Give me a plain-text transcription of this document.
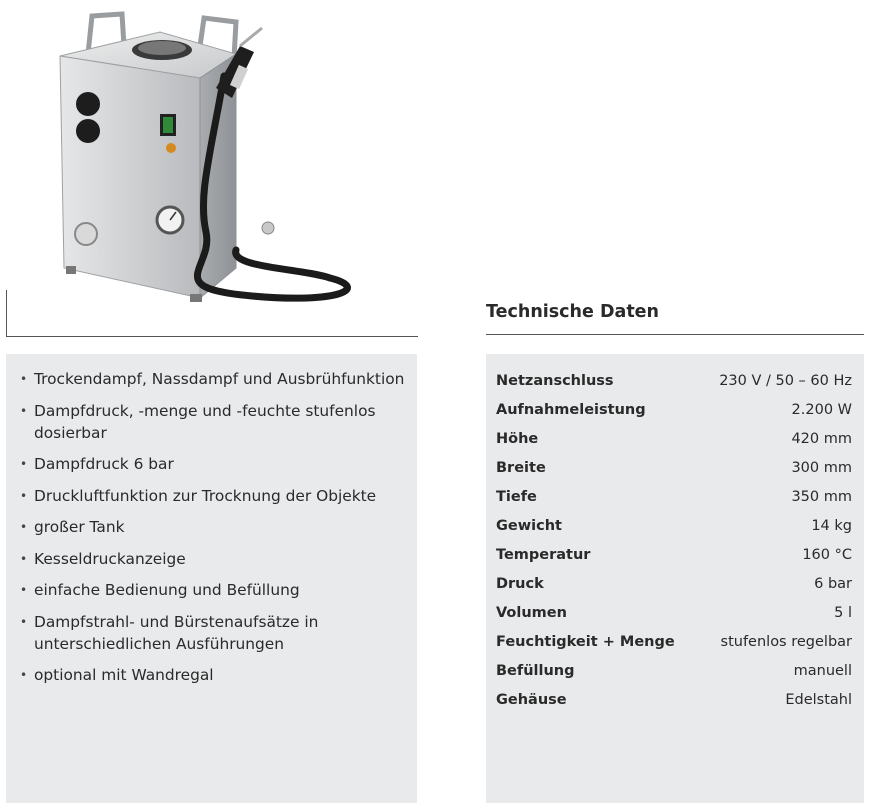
• Trockendampf, Nassdampf und Ausbrühfunktion
• Dampfdruck, -menge und -feuchte stufenlos dosierbar
• Dampfdruck 6 bar
• Druckluftfunktion zur Trocknung der Objekte
• großer Tank
• Kesseldruckanzeige
• einfache Bedienung und Befüllung
• Dampfstrahl- und Bürstenaufsätze in unterschiedlichen Ausführungen
• optional mit Wandregal
Technische Daten
Netzanschluss	230 V / 50 – 60 Hz
Aufnahmeleistung	2.200 W
Höhe	420 mm
Breite	300 mm
Tiefe	350 mm
Gewicht	14 kg
Temperatur	160 °C
Druck	6 bar
Volumen	5 l
Feuchtigkeit + Menge	stufenlos regelbar
Befüllung	manuell
Gehäuse	Edelstahl
